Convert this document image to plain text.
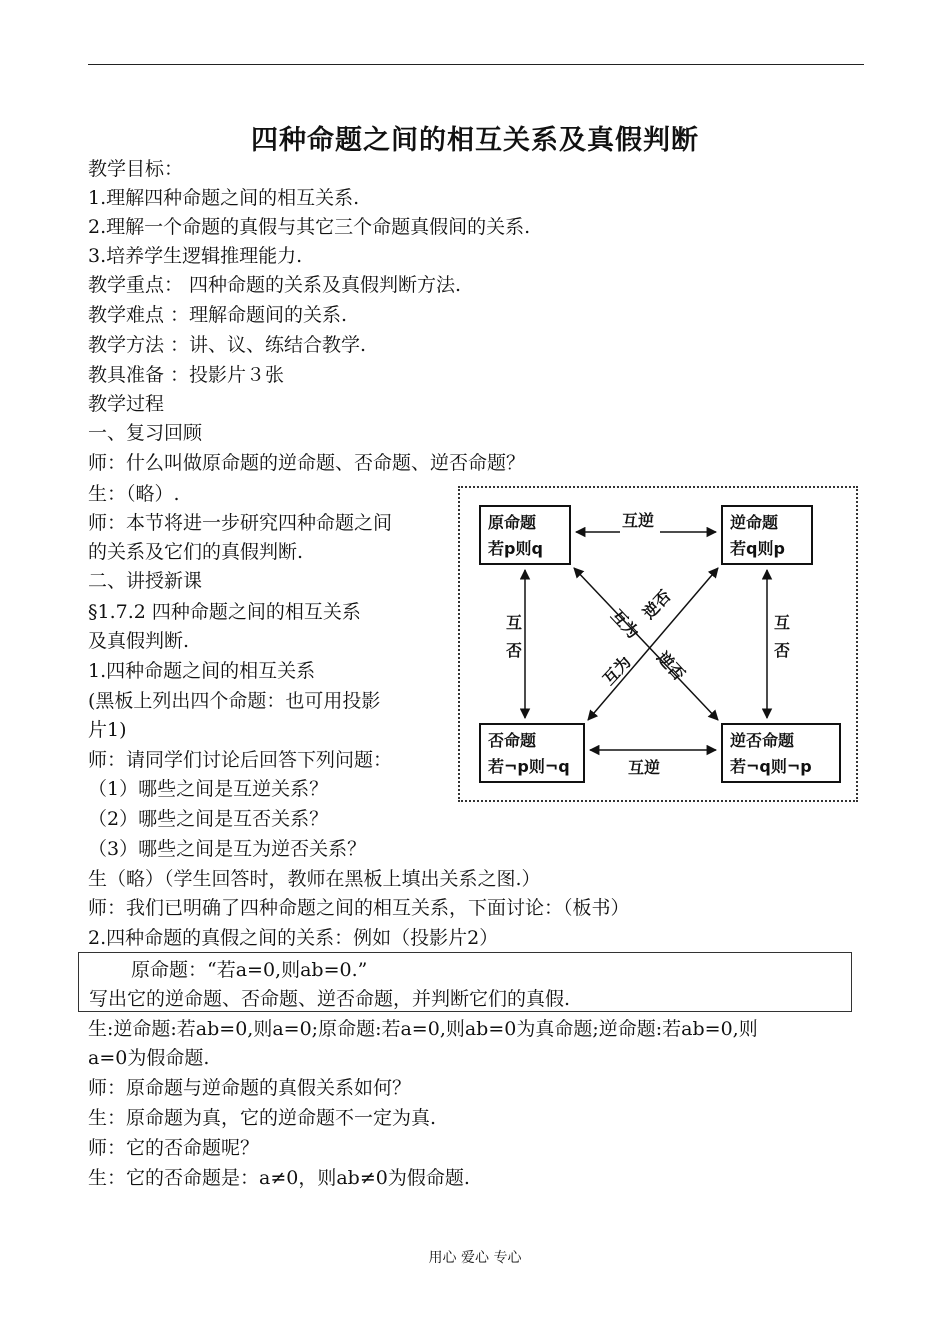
四种命题之间的相互关系及真假判断
教学目标：
1.理解四种命题之间的相互关系.
2.理解一个命题的真假与其它三个命题真假间的关系.
3.培养学生逻辑推理能力.
教学重点： 四种命题的关系及真假判断方法.
教学难点 ：理解命题间的关系.
教学方法 ：讲、议、练结合教学.
教具准备 ：投影片３张
教学过程
一、复习回顾
师：什么叫做原命题的逆命题、否命题、逆否命题？
生：（略）.
师：本节将进一步研究四种命题之间
的关系及它们的真假判断.
二、讲授新课
§1.7.2 四种命题之间的相互关系
及真假判断.
1.四种命题之间的相互关系
(黑板上列出四个命题：也可用投影
片1)
师：请同学们讨论后回答下列问题：
（1）哪些之间是互逆关系？
（2）哪些之间是互否关系？
（3）哪些之间是互为逆否关系？
生（略）（学生回答时，教师在黑板上填出关系之图.）
师：我们已明确了四种命题之间的相互关系，下面讨论：（板书）
2.四种命题的真假之间的关系：例如（投影片2）
原命题：“若a=0,则ab=0.”
写出它的逆命题、否命题、逆否命题，并判断它们的真假.
生:逆命题:若ab=0,则a=0;原命题:若a=0,则ab=0为真命题;逆命题:若ab=0,则
a=0为假命题.
师：原命题与逆命题的真假关系如何？
生：原命题为真，它的逆命题不一定为真.
师：它的否命题呢？
生：它的否命题是：a≠0，则ab≠0为假命题.
原命题
若p则q
逆命题
若q则p
否命题
若¬p则¬q
逆否命题
若¬q则¬p
互逆
互逆
互
否
互
否
互为
逆否
互为 逆否
用心 爱心 专心
